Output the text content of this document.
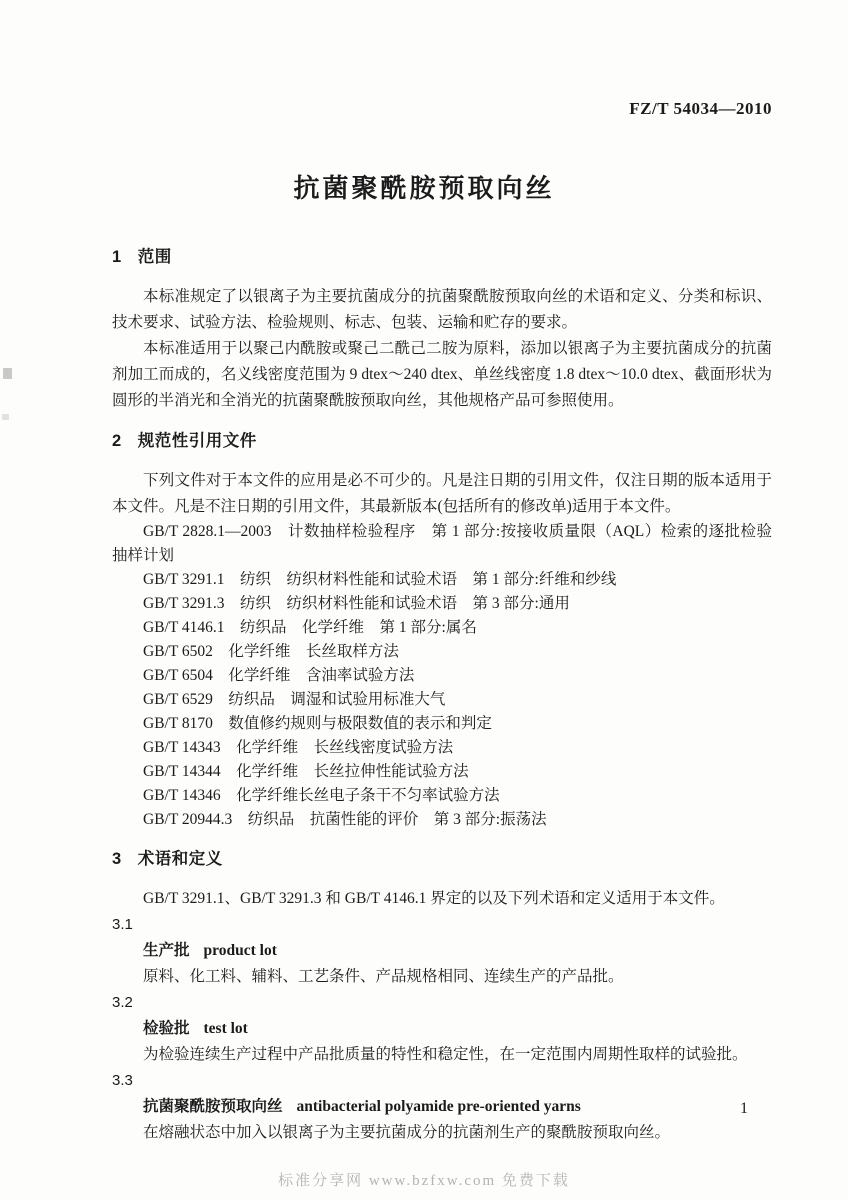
FZ/T 54034—2010
抗菌聚酰胺预取向丝
1 范围

本标准规定了以银离子为主要抗菌成分的抗菌聚酰胺预取向丝的术语和定义、分类和标识、技术要求、试验方法、检验规则、标志、包装、运输和贮存的要求。

本标准适用于以聚己内酰胺或聚己二酰己二胺为原料，添加以银离子为主要抗菌成分的抗菌剂加工而成的，名义线密度范围为 9 dtex～240 dtex、单丝线密度 1.8 dtex～10.0 dtex、截面形状为圆形的半消光和全消光的抗菌聚酰胺预取向丝，其他规格产品可参照使用。

2 规范性引用文件

下列文件对于本文件的应用是必不可少的。凡是注日期的引用文件，仅注日期的版本适用于本文件。凡是不注日期的引用文件，其最新版本(包括所有的修改单)适用于本文件。

GB/T 2828.1—2003　计数抽样检验程序　第 1 部分:按接收质量限（AQL）检索的逐批检验抽样计划

GB/T 3291.1　纺织　纺织材料性能和试验术语　第 1 部分:纤维和纱线

GB/T 3291.3　纺织　纺织材料性能和试验术语　第 3 部分:通用

GB/T 4146.1　纺织品　化学纤维　第 1 部分:属名

GB/T 6502　化学纤维　长丝取样方法

GB/T 6504　化学纤维　含油率试验方法

GB/T 6529　纺织品　调湿和试验用标准大气

GB/T 8170　数值修约规则与极限数值的表示和判定

GB/T 14343　化学纤维　长丝线密度试验方法

GB/T 14344　化学纤维　长丝拉伸性能试验方法

GB/T 14346　化学纤维长丝电子条干不匀率试验方法

GB/T 20944.3　纺织品　抗菌性能的评价　第 3 部分:振荡法

3 术语和定义

GB/T 3291.1、GB/T 3291.3 和 GB/T 4146.1 界定的以及下列术语和定义适用于本文件。

3.1

生产批 product lot

原料、化工料、辅料、工艺条件、产品规格相同、连续生产的产品批。

3.2

检验批 test lot

为检验连续生产过程中产品批质量的特性和稳定性，在一定范围内周期性取样的试验批。

3.3

抗菌聚酰胺预取向丝 antibacterial polyamide pre-oriented yarns

在熔融状态中加入以银离子为主要抗菌成分的抗菌剂生产的聚酰胺预取向丝。

1
标准分享网 www.bzfxw.com 免费下载
